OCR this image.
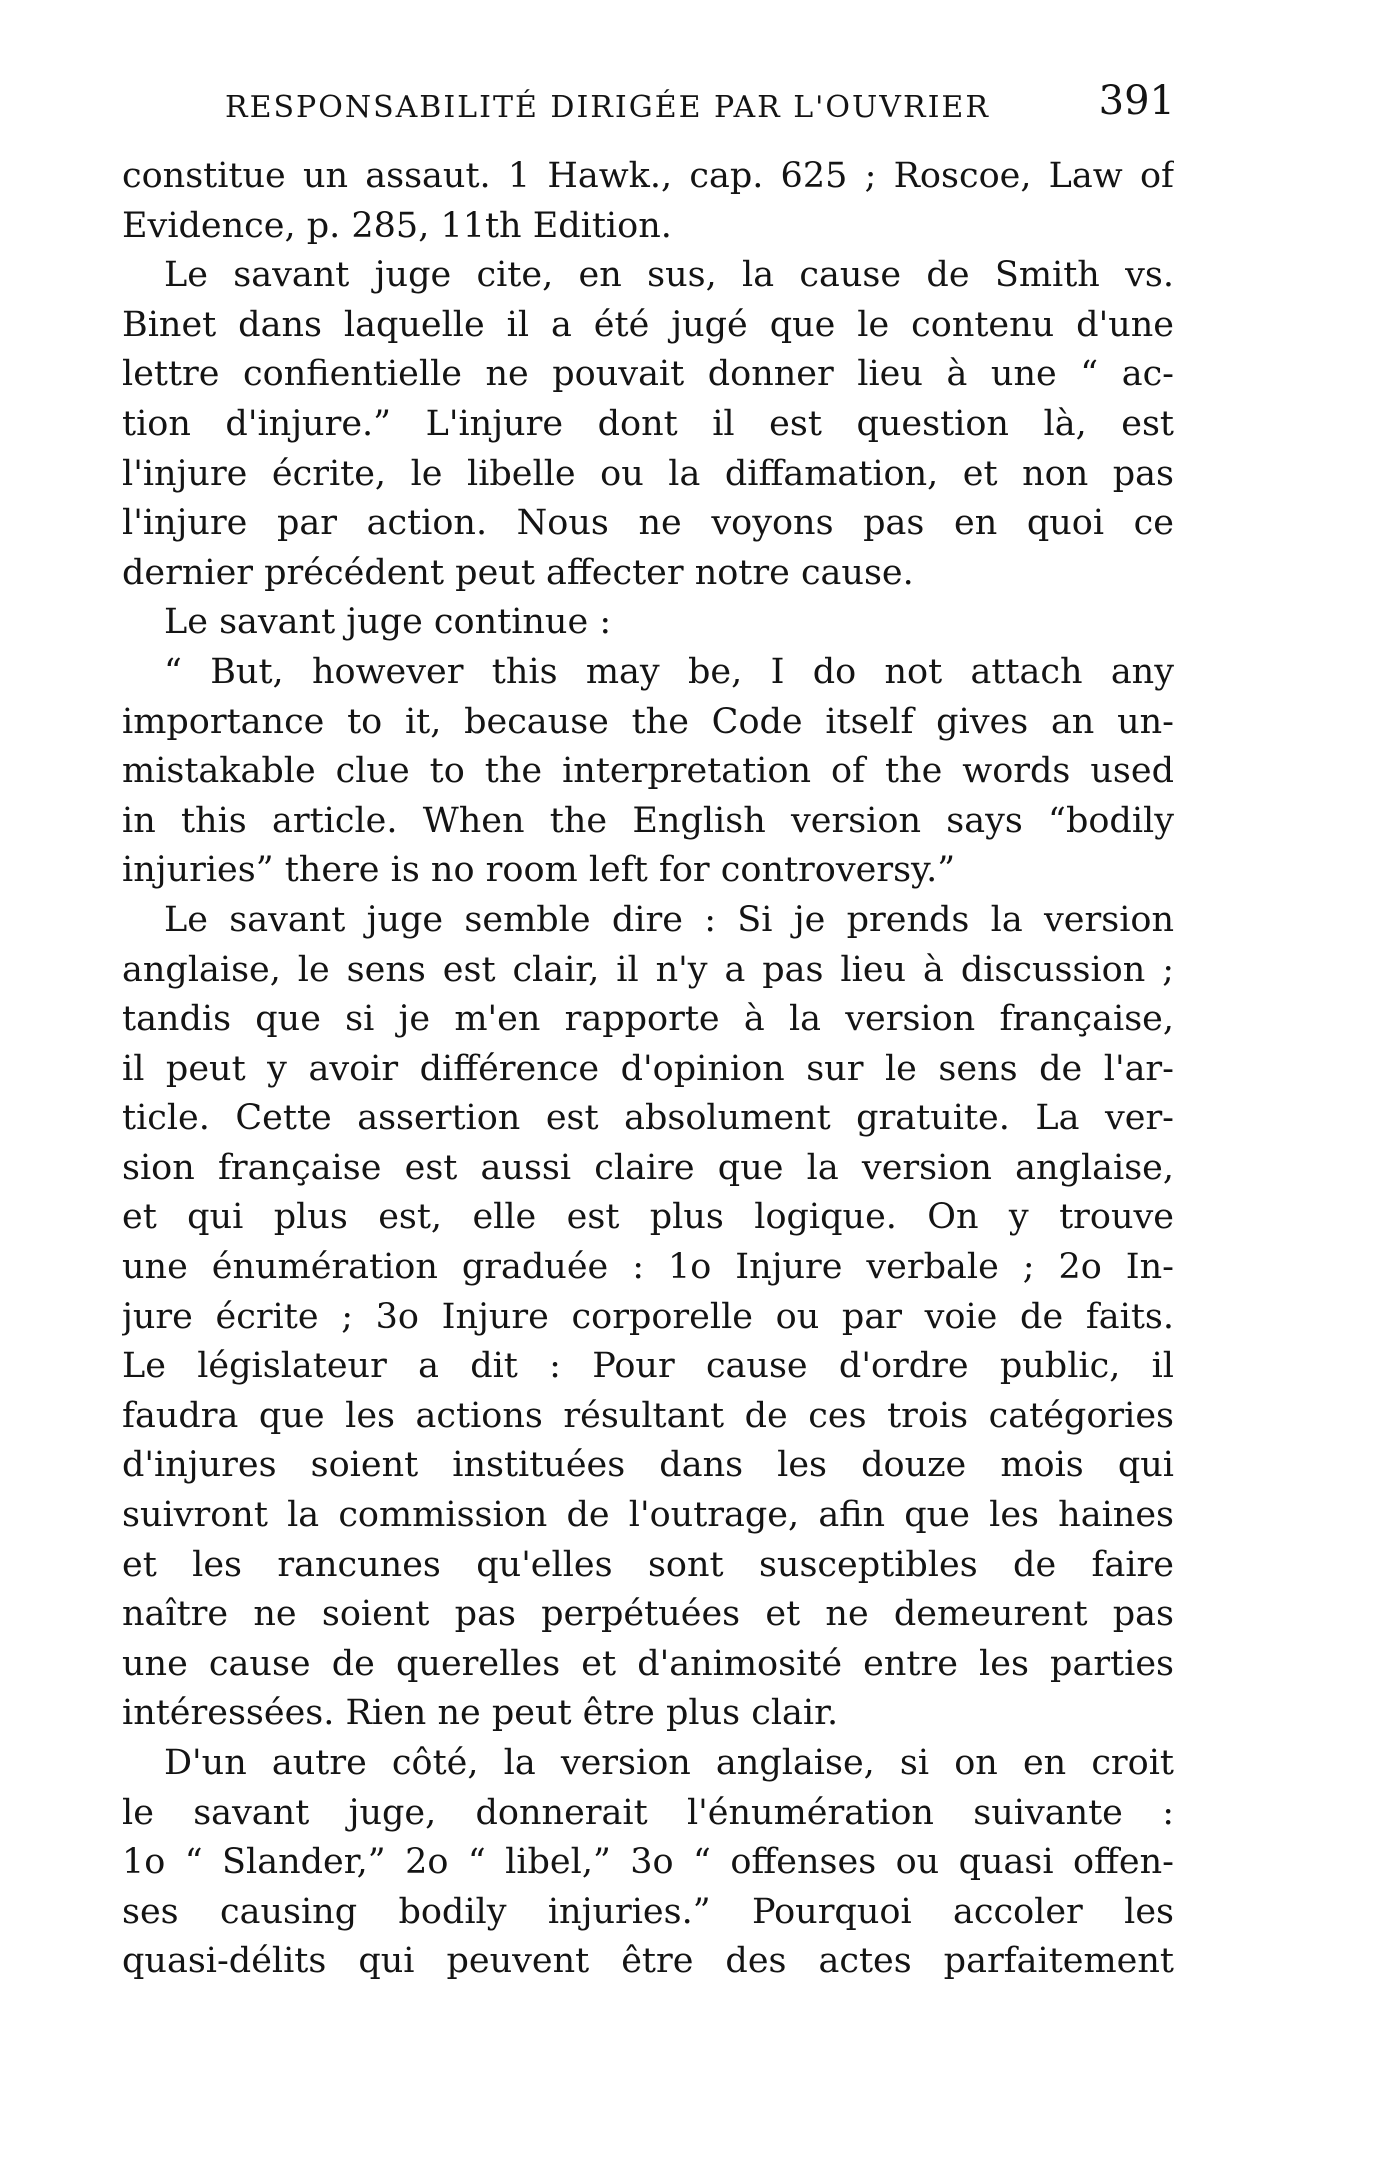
RESPONSABILITÉ DIRIGÉE PAR L'OUVRIER	391
constitue un assaut. 1 Hawk., cap. 625 ; Roscoe, Law of
Evidence, p. 285, 11th Edition.
Le savant juge cite, en sus, la cause de Smith vs.
Binet dans laquelle il a été jugé que le contenu d'une
lettre confientielle ne pouvait donner lieu à une “ ac-
tion d'injure.” L'injure dont il est question là, est
l'injure écrite, le libelle ou la diffamation, et non pas
l'injure par action. Nous ne voyons pas en quoi ce
dernier précédent peut affecter notre cause.
Le savant juge continue :
“ But, however this may be, I do not attach any
importance to it, because the Code itself gives an un-
mistakable clue to the interpretation of the words used
in this article. When the English version says “bodily
injuries” there is no room left for controversy.”
Le savant juge semble dire : Si je prends la version
anglaise, le sens est clair, il n'y a pas lieu à discussion ;
tandis que si je m'en rapporte à la version française,
il peut y avoir différence d'opinion sur le sens de l'ar-
ticle. Cette assertion est absolument gratuite. La ver-
sion française est aussi claire que la version anglaise,
et qui plus est, elle est plus logique. On y trouve
une énumération graduée : 1o Injure verbale ; 2o In-
jure écrite ; 3o Injure corporelle ou par voie de faits.
Le législateur a dit : Pour cause d'ordre public, il
faudra que les actions résultant de ces trois catégories
d'injures soient instituées dans les douze mois qui
suivront la commission de l'outrage, afin que les haines
et les rancunes qu'elles sont susceptibles de faire
naître ne soient pas perpétuées et ne demeurent pas
une cause de querelles et d'animosité entre les parties
intéressées. Rien ne peut être plus clair.
D'un autre côté, la version anglaise, si on en croit
le savant juge, donnerait l'énumération suivante :
1o “ Slander,” 2o “ libel,” 3o “ offenses ou quasi offen-
ses causing bodily injuries.” Pourquoi accoler les
quasi-délits qui peuvent être des actes parfaitement
